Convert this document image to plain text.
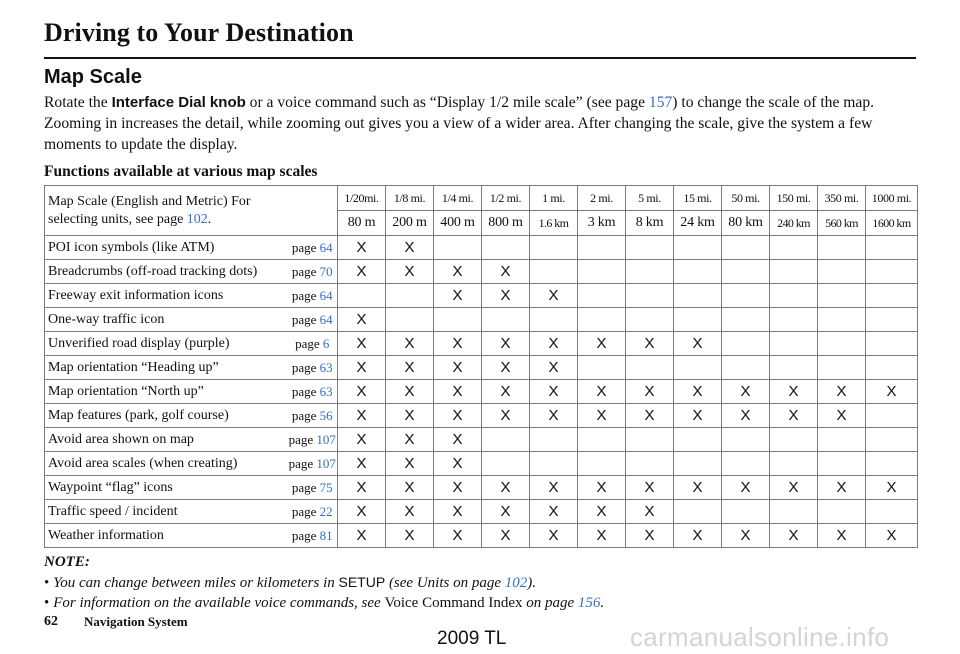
Driving to Your Destination
Map Scale
Rotate the Interface Dial knob or a voice command such as “Display 1/2 mile scale” (see page 157) to change the scale of the map. Zooming in increases the detail, while zooming out gives you a view of a wider area. After changing the scale, give the system a few moments to update the display.
Functions available at various map scales
Map Scale (English and Metric) For selecting units, see page 102.		1/20mi.	1/8 mi.	1/4 mi.	1/2 mi.	1 mi.	2 mi.	5 mi.	15 mi.	50 mi.	150 mi.	350 mi.	1000 mi.
		80 m	200 m	400 m	800 m	1.6 km	3 km	8 km	24 km	80 km	240 km	560 km	1600 km
POI icon symbols (like ATM)	page 64	X	X										
Breadcrumbs (off-road tracking dots)	page 70	X	X	X	X								
Freeway exit information icons	page 64			X	X	X							
One-way traffic icon	page 64	X											
Unverified road display (purple)	page 6	X	X	X	X	X	X	X	X				
Map orientation “Heading up”	page 63	X	X	X	X	X							
Map orientation “North up”	page 63	X	X	X	X	X	X	X	X	X	X	X	X
Map features (park, golf course)	page 56	X	X	X	X	X	X	X	X	X	X	X	
Avoid area shown on map	page 107	X	X	X									
Avoid area scales (when creating)	page 107	X	X	X									
Waypoint “flag” icons	page 75	X	X	X	X	X	X	X	X	X	X	X	X
Traffic speed / incident	page 22	X	X	X	X	X	X	X					
Weather information	page 81	X	X	X	X	X	X	X	X	X	X	X	X
NOTE:
• You can change between miles or kilometers in SETUP (see Units on page 102).
• For information on the available voice commands, see Voice Command Index on page 156.
62 Navigation System
2009 TL	carmanualsonline.info
